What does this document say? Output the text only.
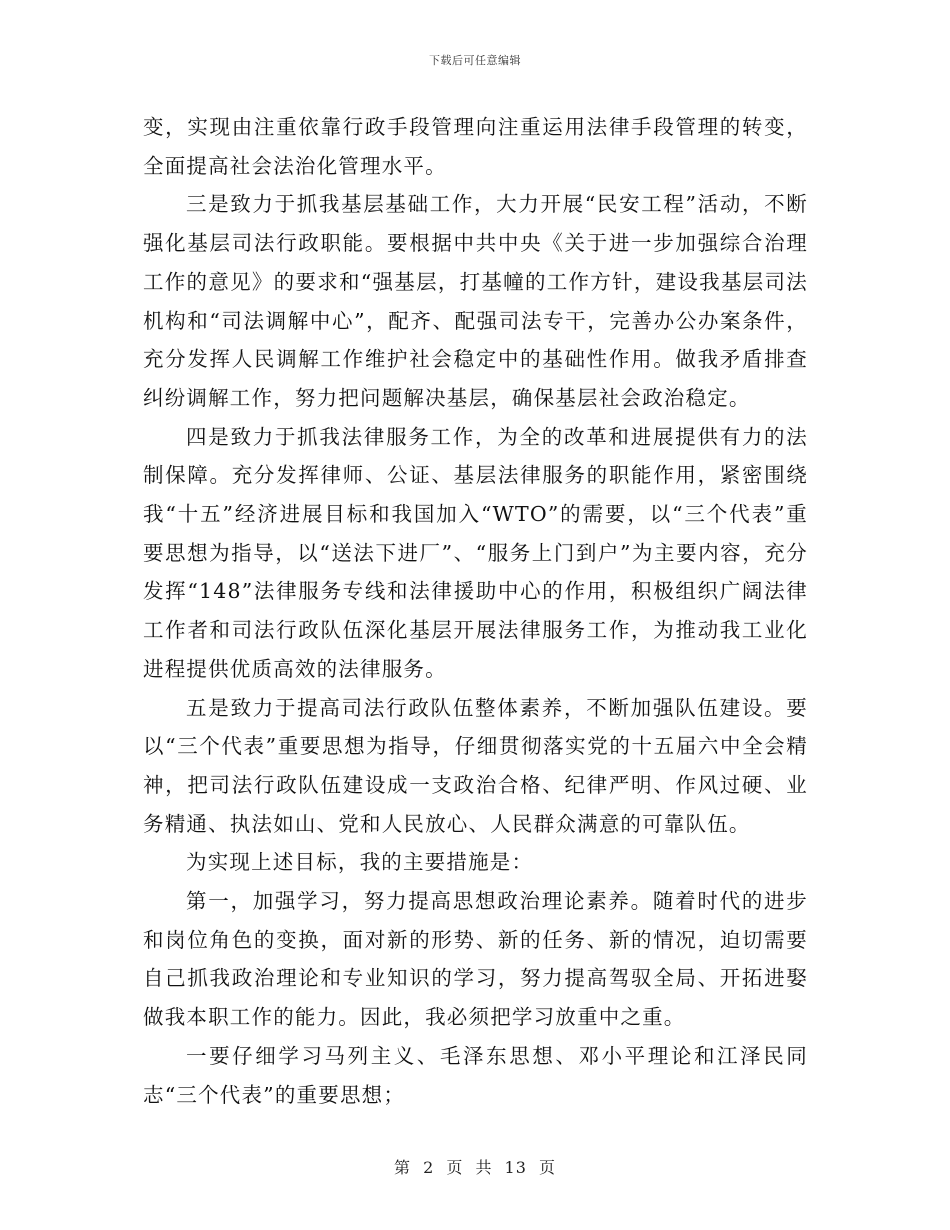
下载后可任意编辑

变，实现由注重依靠行政手段管理向注重运用法律手段管理的转变，全面提高社会法治化管理水平。

三是致力于抓我基层基础工作，大力开展“民安工程”活动，不断强化基层司法行政职能。要根据中共中央《关于进一步加强综合治理工作的意见》的要求和“强基层，打基幢的工作方针，建设我基层司法机构和“司法调解中心”，配齐、配强司法专干，完善办公办案条件，充分发挥人民调解工作维护社会稳定中的基础性作用。做我矛盾排查纠纷调解工作，努力把问题解决基层，确保基层社会政治稳定。

四是致力于抓我法律服务工作，为全的改革和进展提供有力的法制保障。充分发挥律师、公证、基层法律服务的职能作用，紧密围绕我“十五”经济进展目标和我国加入“WTO”的需要，以“三个代表”重要思想为指导，以“送法下进厂”、“服务上门到户”为主要内容，充分发挥“148”法律服务专线和法律援助中心的作用，积极组织广阔法律工作者和司法行政队伍深化基层开展法律服务工作，为推动我工业化进程提供优质高效的法律服务。

五是致力于提高司法行政队伍整体素养，不断加强队伍建设。要以“三个代表”重要思想为指导，仔细贯彻落实党的十五届六中全会精神，把司法行政队伍建设成一支政治合格、纪律严明、作风过硬、业务精通、执法如山、党和人民放心、人民群众满意的可靠队伍。

为实现上述目标，我的主要措施是：

第一，加强学习，努力提高思想政治理论素养。随着时代的进步和岗位角色的变换，面对新的形势、新的任务、新的情况，迫切需要自己抓我政治理论和专业知识的学习，努力提高驾驭全局、开拓进娶做我本职工作的能力。因此，我必须把学习放重中之重。

一要仔细学习马列主义、毛泽东思想、邓小平理论和江泽民同志“三个代表”的重要思想；

第 2 页 共 13 页
